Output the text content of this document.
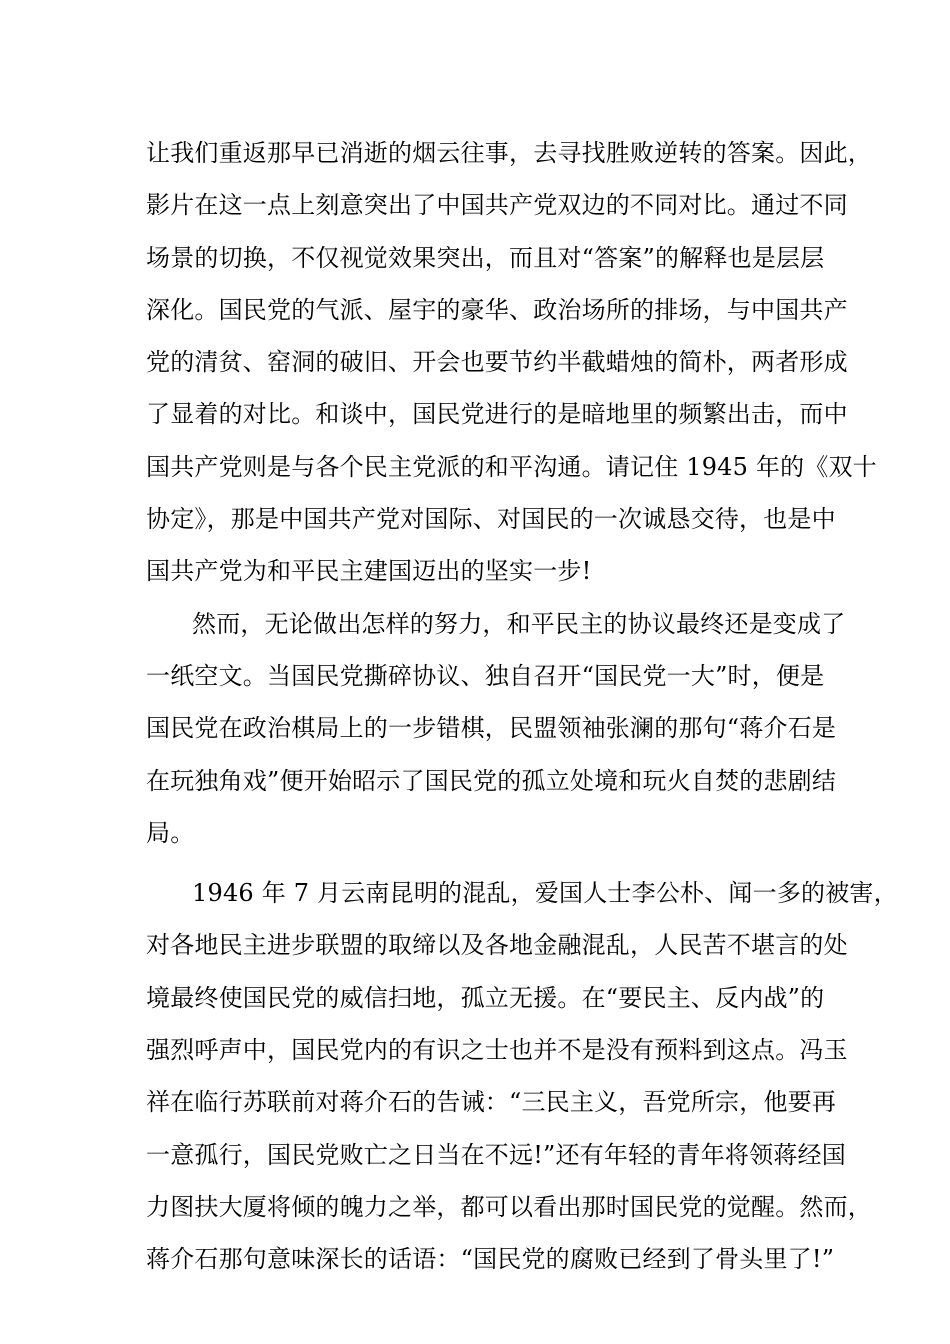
让我们重返那早已消逝的烟云往事，去寻找胜败逆转的答案。因此，
影片在这一点上刻意突出了中国共产党双边的不同对比。通过不同
场景的切换，不仅视觉效果突出，而且对“答案”的解释也是层层
深化。国民党的气派、屋宇的豪华、政治场所的排场，与中国共产
党的清贫、窑洞的破旧、开会也要节约半截蜡烛的简朴，两者形成
了显着的对比。和谈中，国民党进行的是暗地里的频繁出击，而中
国共产党则是与各个民主党派的和平沟通。请记住 1945 年的《双十
协定》，那是中国共产党对国际、对国民的一次诚恳交待，也是中
国共产党为和平民主建国迈出的坚实一步!
然而，无论做出怎样的努力，和平民主的协议最终还是变成了
一纸空文。当国民党撕碎协议、独自召开“国民党一大”时，便是
国民党在政治棋局上的一步错棋，民盟领袖张澜的那句“蒋介石是
在玩独角戏”便开始昭示了国民党的孤立处境和玩火自焚的悲剧结
局。
1946 年 7 月云南昆明的混乱，爱国人士李公朴、闻一多的被害，
对各地民主进步联盟的取缔以及各地金融混乱，人民苦不堪言的处
境最终使国民党的威信扫地，孤立无援。在“要民主、反内战”的
强烈呼声中，国民党内的有识之士也并不是没有预料到这点。冯玉
祥在临行苏联前对蒋介石的告诫：“三民主义，吾党所宗，他要再
一意孤行，国民党败亡之日当在不远!”还有年轻的青年将领蒋经国
力图扶大厦将倾的魄力之举，都可以看出那时国民党的觉醒。然而，
蒋介石那句意味深长的话语：“国民党的腐败已经到了骨头里了!”
